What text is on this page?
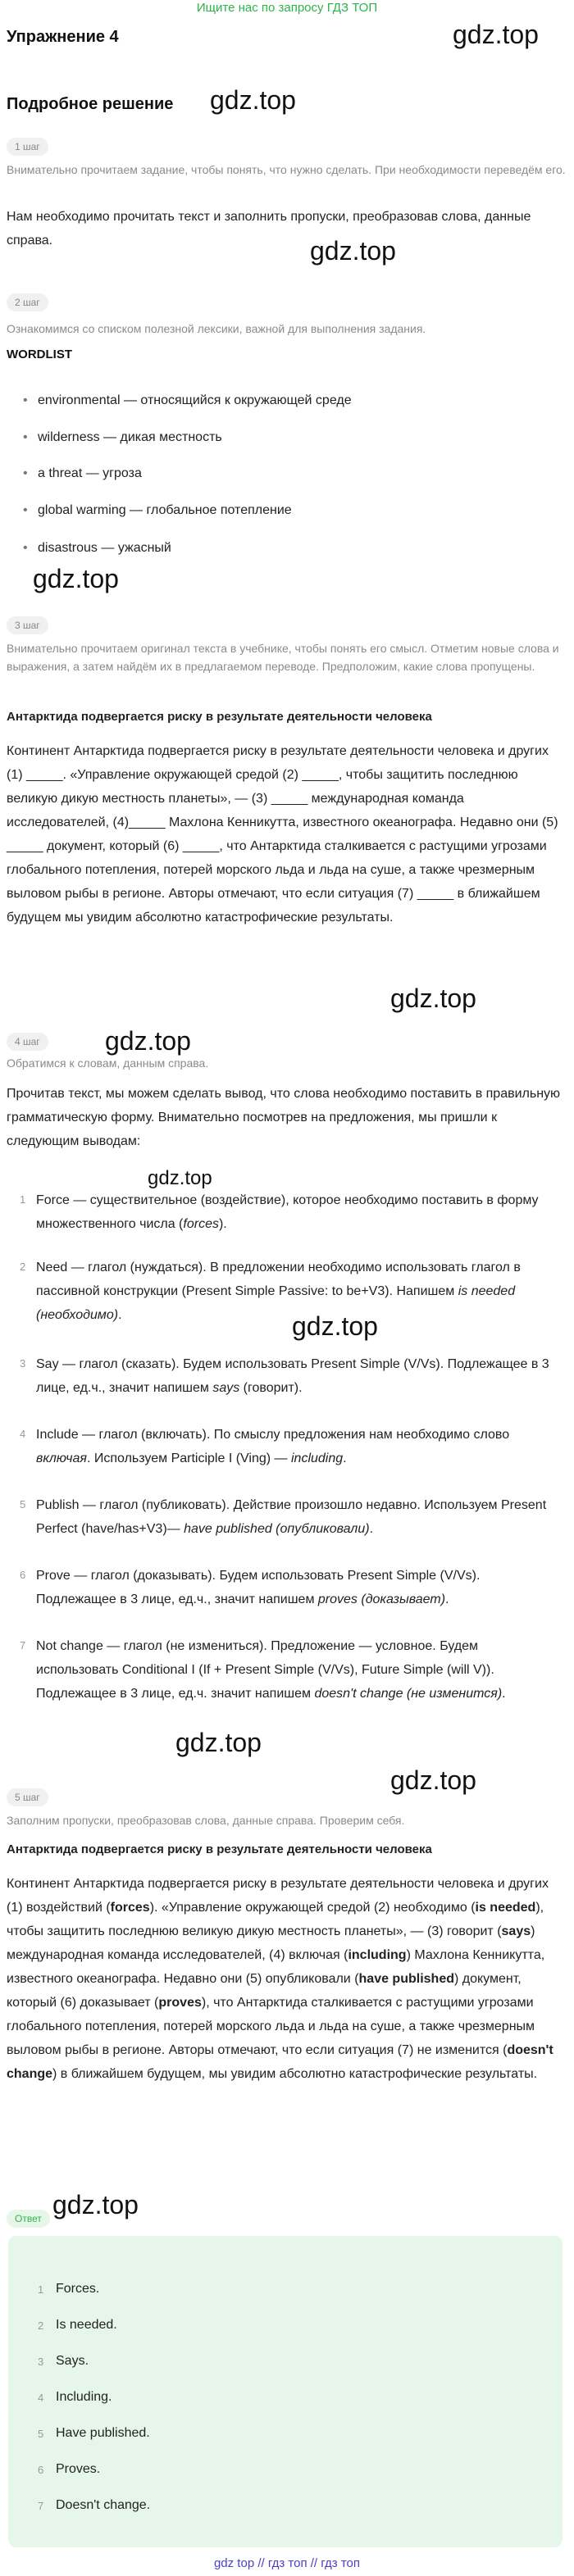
Ищите нас по запросу ГДЗ ТОП
Упражнение 4
Подробное решение
gdz.top
gdz.top
gdz.top
gdz.top
gdz.top
gdz.top
gdz.top
gdz.top
gdz.top
gdz.top
gdz.top
1 шаг
Внимательно прочитаем задание, чтобы понять, что нужно сделать. При необходимости переведём его.
Нам необходимо прочитать текст и заполнить пропуски, преобразовав слова, данные справа.
2 шаг
Ознакомимся со списком полезной лексики, важной для выполнения задания.
WORDLIST
• environmental — относящийся к окружающей среде
• wilderness — дикая местность
• a threat — угроза
• global warming — глобальное потепление
• disastrous — ужасный
3 шаг
Внимательно прочитаем оригинал текста в учебнике, чтобы понять его смысл. Отметим новые слова и выражения, а затем найдём их в предлагаемом переводе. Предположим, какие слова пропущены.
Антарктида подвергается риску в результате деятельности человека
Континент Антарктида подвергается риску в результате деятельности человека и других (1) _____. «Управление окружающей средой (2) _____, чтобы защитить последнюю великую дикую местность планеты», — (3) _____ международная команда исследователей, (4)_____ Махлона Кенникутта, известного океанографа. Недавно они (5) _____ документ, который (6) _____, что Антарктида сталкивается с растущими угрозами глобального потепления, потерей морского льда и льда на суше, а также чрезмерным выловом рыбы в регионе. Авторы отмечают, что если ситуация (7) _____ в ближайшем будущем мы увидим абсолютно катастрофические результаты.
4 шаг
Обратимся к словам, данным справа.
Прочитав текст, мы можем сделать вывод, что слова необходимо поставить в правильную грамматическую форму. Внимательно посмотрев на предложения, мы пришли к следующим выводам:
1 Force — существительное (воздействие), которое необходимо поставить в форму множественного числа (forces).
2 Need — глагол (нуждаться). В предложении необходимо использовать глагол в пассивной конструкции (Present Simple Passive: to be+V3). Напишем is needed (необходимо).
3 Say — глагол (сказать). Будем использовать Present Simple (V/Vs). Подлежащее в 3 лице, ед.ч., значит напишем says (говорит).
4 Include — глагол (включать). По смыслу предложения нам необходимо слово включая. Используем Participle I (Ving) — including.
5 Publish — глагол (публиковать). Действие произошло недавно. Используем Present Perfect (have/has+V3)— have published (опубликовали).
6 Prove — глагол (доказывать). Будем использовать Present Simple (V/Vs). Подлежащее в 3 лице, ед.ч., значит напишем proves (доказывает).
7 Not change — глагол (не измениться). Предложение — условное. Будем использовать Conditional I (If + Present Simple (V/Vs), Future Simple (will V)). Подлежащее в 3 лице, ед.ч. значит напишем doesn't change (не изменится).
5 шаг
Заполним пропуски, преобразовав слова, данные справа. Проверим себя.
Антарктида подвергается риску в результате деятельности человека
Континент Антарктида подвергается риску в результате деятельности человека и других (1) воздействий (forces). «Управление окружающей средой (2) необходимо (is needed), чтобы защитить последнюю великую дикую местность планеты», — (3) говорит (says) международная команда исследователей, (4) включая (including) Махлона Кенникутта, известного океанографа. Недавно они (5) опубликовали (have published) документ, который (6) доказывает (proves), что Антарктида сталкивается с растущими угрозами глобального потепления, потерей морского льда и льда на суше, а также чрезмерным выловом рыбы в регионе. Авторы отмечают, что если ситуация (7) не изменится (doesn't change) в ближайшем будущем, мы увидим абсолютно катастрофические результаты.
Ответ
1 Forces.
2 Is needed.
3 Says.
4 Including.
5 Have published.
6 Proves.
7 Doesn't change.
gdz top // гдз топ // гдз топ
